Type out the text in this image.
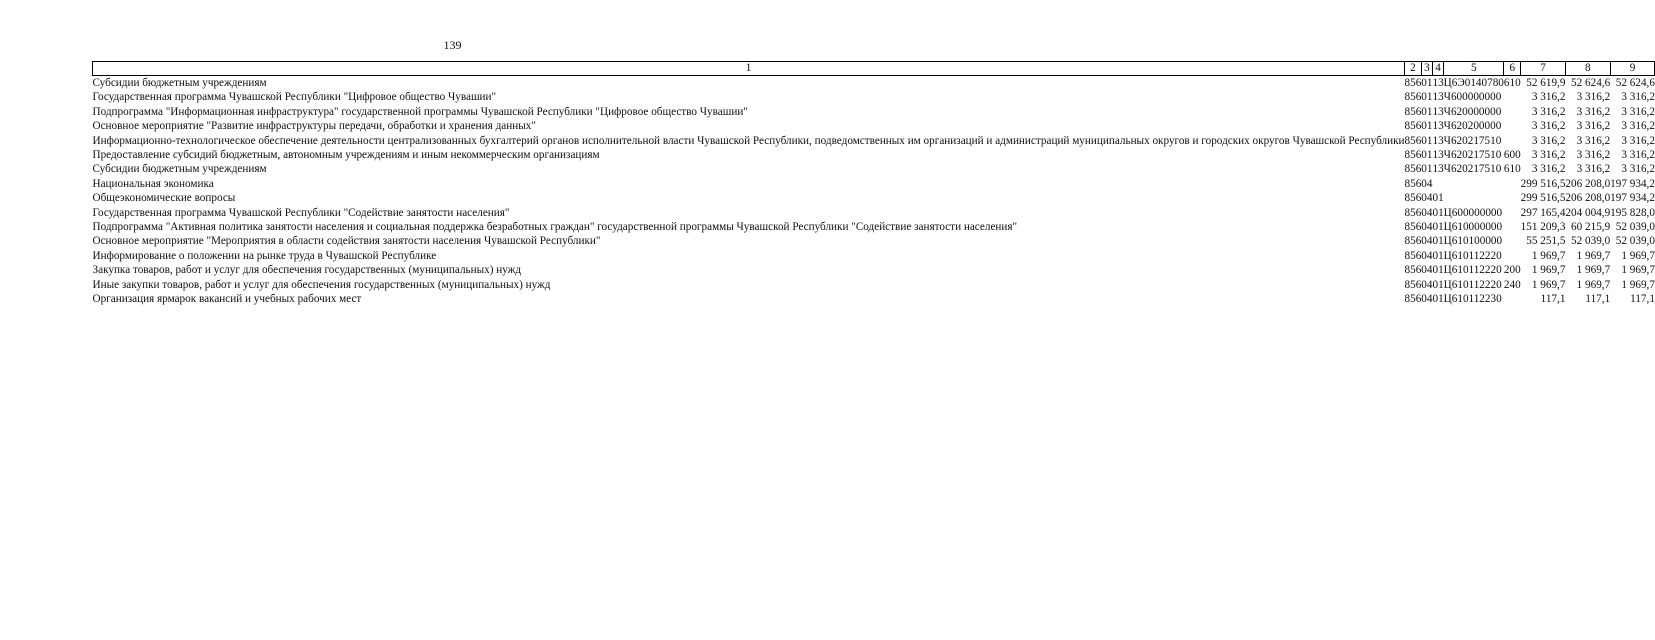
139
1	2	3	4	5	6	7	8	9
Субсидии бюджетным учреждениям	856	01	13	Ц6Э0140780	610	52 619,9	52 624,6	52 624,6
Государственная программа Чувашской Республики "Цифровое общество Чувашии"	856	01	13	Ч600000000		3 316,2	3 316,2	3 316,2
Подпрограмма "Информационная инфраструктура" государственной программы Чувашской Республики "Цифровое общество Чувашии"	856	01	13	Ч620000000		3 316,2	3 316,2	3 316,2
Основное мероприятие "Развитие инфраструктуры передачи, обработки и хранения данных"	856	01	13	Ч620200000		3 316,2	3 316,2	3 316,2
Информационно-технологическое обеспечение деятельности централизованных бухгалтерий органов исполнительной власти Чувашской Республики, подведомственных им организаций и администраций муниципальных округов и городских округов Чувашской Республики	856	01	13	Ч620217510		3 316,2	3 316,2	3 316,2
Предоставление субсидий бюджетным, автономным учреждениям и иным некоммерческим организациям	856	01	13	Ч620217510	600	3 316,2	3 316,2	3 316,2
Субсидии бюджетным учреждениям	856	01	13	Ч620217510	610	3 316,2	3 316,2	3 316,2
Национальная экономика	856	04				299 516,5	206 208,0	197 934,2
Общеэкономические вопросы	856	04	01			299 516,5	206 208,0	197 934,2
Государственная программа Чувашской Республики "Содействие занятости населения"	856	04	01	Ц600000000		297 165,4	204 004,9	195 828,0
Подпрограмма "Активная политика занятости населения и социальная поддержка безработных граждан" государственной программы Чувашской Республики "Содействие занятости населения"	856	04	01	Ц610000000		151 209,3	60 215,9	52 039,0
Основное мероприятие "Мероприятия в области содействия занятости населения Чувашской Республики"	856	04	01	Ц610100000		55 251,5	52 039,0	52 039,0
Информирование о положении на рынке труда в Чувашской Республике	856	04	01	Ц610112220		1 969,7	1 969,7	1 969,7
Закупка товаров, работ и услуг для обеспечения государственных (муниципальных) нужд	856	04	01	Ц610112220	200	1 969,7	1 969,7	1 969,7
Иные закупки товаров, работ и услуг для обеспечения государственных (муниципальных) нужд	856	04	01	Ц610112220	240	1 969,7	1 969,7	1 969,7
Организация ярмарок вакансий и учебных рабочих мест	856	04	01	Ц610112230		117,1	117,1	117,1
